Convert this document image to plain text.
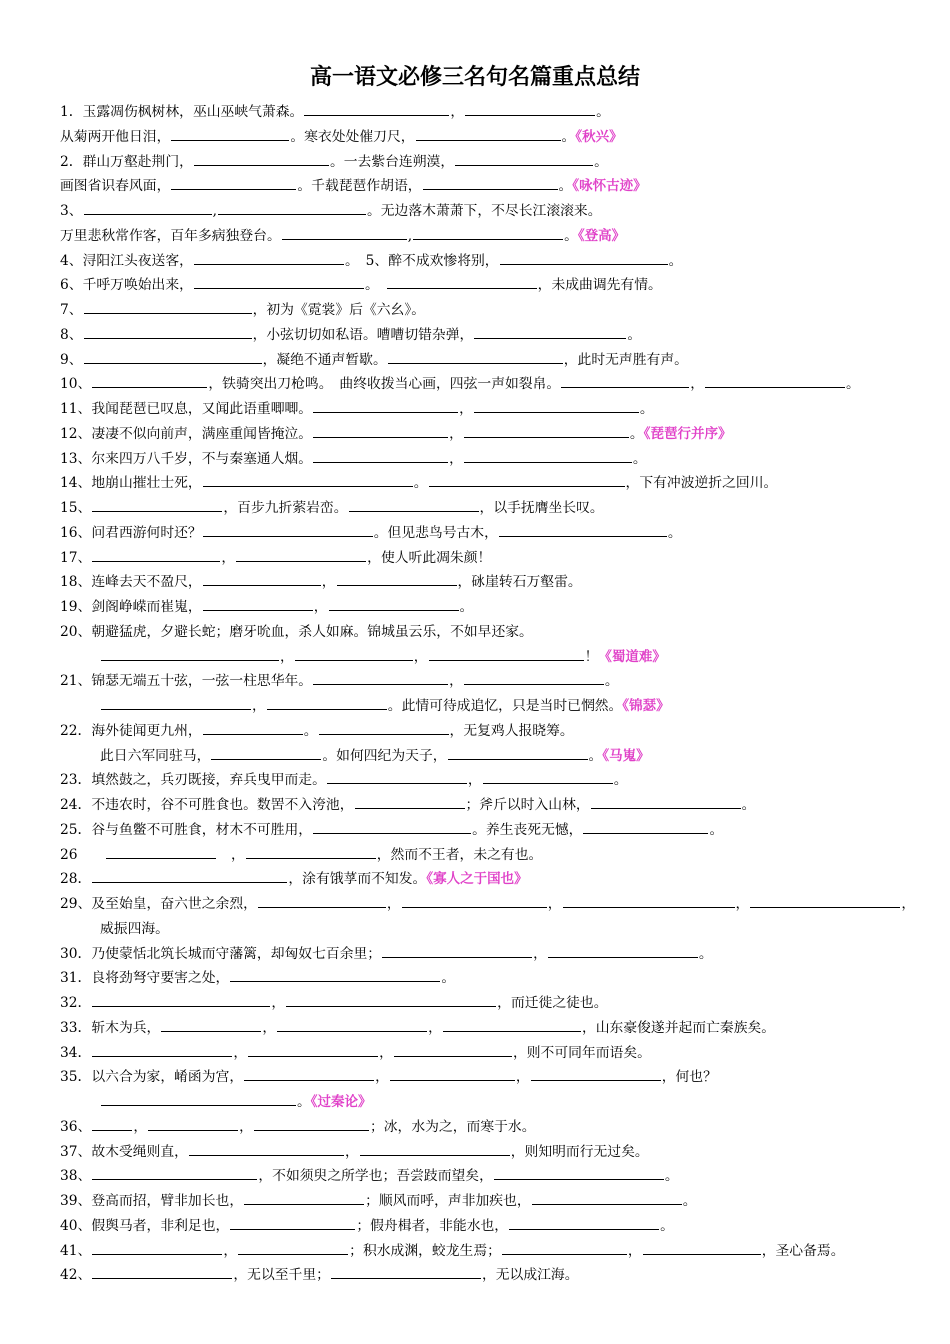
高一语文必修三名句名篇重点总结
1．玉露凋伤枫树林，巫山巫峡气萧森。	，	。
从菊两开他日泪，	。寒衣处处催刀尺，	。《秋兴》
2．群山万壑赴荆门，	。一去紫台连朔漠，	。
画图省识春风面，	。千载琵琶作胡语，	。《咏怀古迹》
3、	,	。无边落木萧萧下，不尽长江滚滚来。
万里悲秋常作客，百年多病独登台。	,	。《登高》
4、浔阳江头夜送客，	。　5、醉不成欢惨将别，	。
6、千呼万唤始出来，	。　	，未成曲调先有情。
7、	，初为《霓裳》后《六幺》。
8、	，小弦切切如私语。嘈嘈切错杂弹，	。
9、	，凝绝不通声暂歇。	，此时无声胜有声。
10、	，铁骑突出刀枪鸣。　曲终收拨当心画，四弦一声如裂帛。	，	。
11、我闻琵琶已叹息，又闻此语重唧唧。	，	。
12、凄凄不似向前声，满座重闻皆掩泣。	，	。《琵琶行并序》
13、尔来四万八千岁，不与秦塞通人烟。	，	。
14、地崩山摧壮士死，	。	，下有冲波逆折之回川。
15、	，百步九折萦岩峦。	，以手抚膺坐长叹。
16、问君西游何时还？	。但见悲鸟号古木，	。
17、	，	，使人听此凋朱颜！
18、连峰去天不盈尺，	，	，砯崖转石万壑雷。
19、剑阁峥嵘而崔嵬，	，	。
20、朝避猛虎，夕避长蛇；磨牙吮血，杀人如麻。锦城虽云乐，不如早还家。
，	，	！《蜀道难》
21、锦瑟无端五十弦，一弦一柱思华年。	，	。
，	。此情可待成追忆，只是当时已惘然。《锦瑟》
22．海外徒闻更九州，	。	，无复鸡人报晓筹。
此日六军同驻马，	。如何四纪为天子，	。《马嵬》
23．填然鼓之，兵刃既接，弃兵曳甲而走。	，	。
24．不违农时，谷不可胜食也。数罟不入洿池，	；斧斤以时入山林，	。
25．谷与鱼鳖不可胜食，材木不可胜用，	。养生丧死无憾，	。
26　　	　，	，然而不王者，未之有也。
28．	，涂有饿莩而不知发。《寡人之于国也》
29、及至始皇，奋六世之余烈，	，	，	，	，
威振四海。
30．乃使蒙恬北筑长城而守藩篱，却匈奴七百余里；	，	。
31．良将劲弩守要害之处，	。
32．	，	，而迁徙之徒也。
33．斩木为兵，	，	，	，山东豪俊遂并起而亡秦族矣。
34．	，	，	，则不可同年而语矣。
35．以六合为家，崤函为宫，	，	，	，何也？
。《过秦论》
36、	，	，	；冰，水为之，而寒于水。
37、故木受绳则直，	，	，则知明而行无过矣。
38、	，不如须臾之所学也；吾尝跂而望矣，	。
39、登高而招，臂非加长也，	；顺风而呼，声非加疾也，	。
40、假舆马者，非利足也，	；假舟楫者，非能水也，	。
41、	，	；积水成渊，蛟龙生焉；	，	，圣心备焉。
42、	，无以至千里；	，无以成江海。
